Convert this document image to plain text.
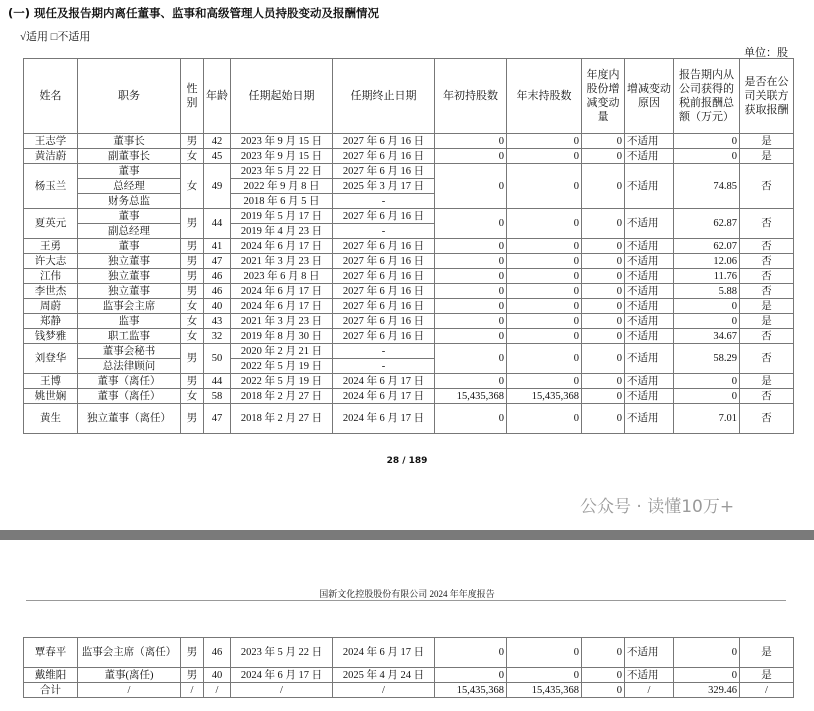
(一) 现任及报告期内离任董事、监事和高级管理人员持股变动及报酬情况
√适用 □不适用
单位：股
姓名	职务	性别	年龄	任期起始日期	任期终止日期	年初持股数	年末持股数	年度内股份增减变动量	增减变动原因	报告期内从公司获得的税前报酬总额（万元）	是否在公司关联方获取报酬
王志学	董事长	男	42	2023 年 9 月 15 日	2027 年 6 月 16 日	0	0	0	不适用	0	是
黄洁蔚	副董事长	女	45	2023 年 9 月 15 日	2027 年 6 月 16 日	0	0	0	不适用	0	是
杨玉兰	董事	女	49	2023 年 5 月 22 日	2027 年 6 月 16 日	0	0	0	不适用	74.85	否
	总经理			2022 年 9 月 8 日	2025 年 3 月 17 日						
	财务总监			2018 年 6 月 5 日	-						
夏英元	董事	男	44	2019 年 5 月 17 日	2027 年 6 月 16 日	0	0	0	不适用	62.87	否
	副总经理			2019 年 4 月 23 日	-						
王勇	董事	男	41	2024 年 6 月 17 日	2027 年 6 月 16 日	0	0	0	不适用	62.07	否
许大志	独立董事	男	47	2021 年 3 月 23 日	2027 年 6 月 16 日	0	0	0	不适用	12.06	否
江伟	独立董事	男	46	2023 年 6 月 8 日	2027 年 6 月 16 日	0	0	0	不适用	11.76	否
李世杰	独立董事	男	46	2024 年 6 月 17 日	2027 年 6 月 16 日	0	0	0	不适用	5.88	否
周蔚	监事会主席	女	40	2024 年 6 月 17 日	2027 年 6 月 16 日	0	0	0	不适用	0	是
郑静	监事	女	43	2021 年 3 月 23 日	2027 年 6 月 16 日	0	0	0	不适用	0	是
钱梦雅	职工监事	女	32	2019 年 8 月 30 日	2027 年 6 月 16 日	0	0	0	不适用	34.67	否
刘登华	董事会秘书	男	50	2020 年 2 月 21 日	-	0	0	0	不适用	58.29	否
	总法律顾问			2022 年 5 月 19 日	-						
王博	董事（离任）	男	44	2022 年 5 月 19 日	2024 年 6 月 17 日	0	0	0	不适用	0	是
姚世娴	董事（离任）	女	58	2018 年 2 月 27 日	2024 年 6 月 17 日	15,435,368	15,435,368	0	不适用	0	否
黄生	独立董事（离任）	男	47	2018 年 2 月 27 日	2024 年 6 月 17 日	0	0	0	不适用	7.01	否
28 / 189
公众号 · 读懂10万+
国新文化控股股份有限公司 2024 年年度报告
覃春平	监事会主席（离任）	男	46	2023 年 5 月 22 日	2024 年 6 月 17 日	0	0	0	不适用	0	是
戴维阳	董事(离任)	男	40	2024 年 6 月 17 日	2025 年 4 月 24 日	0	0	0	不适用	0	是
合计	/	/	/	/	/	15,435,368	15,435,368	0	/	329.46	/
